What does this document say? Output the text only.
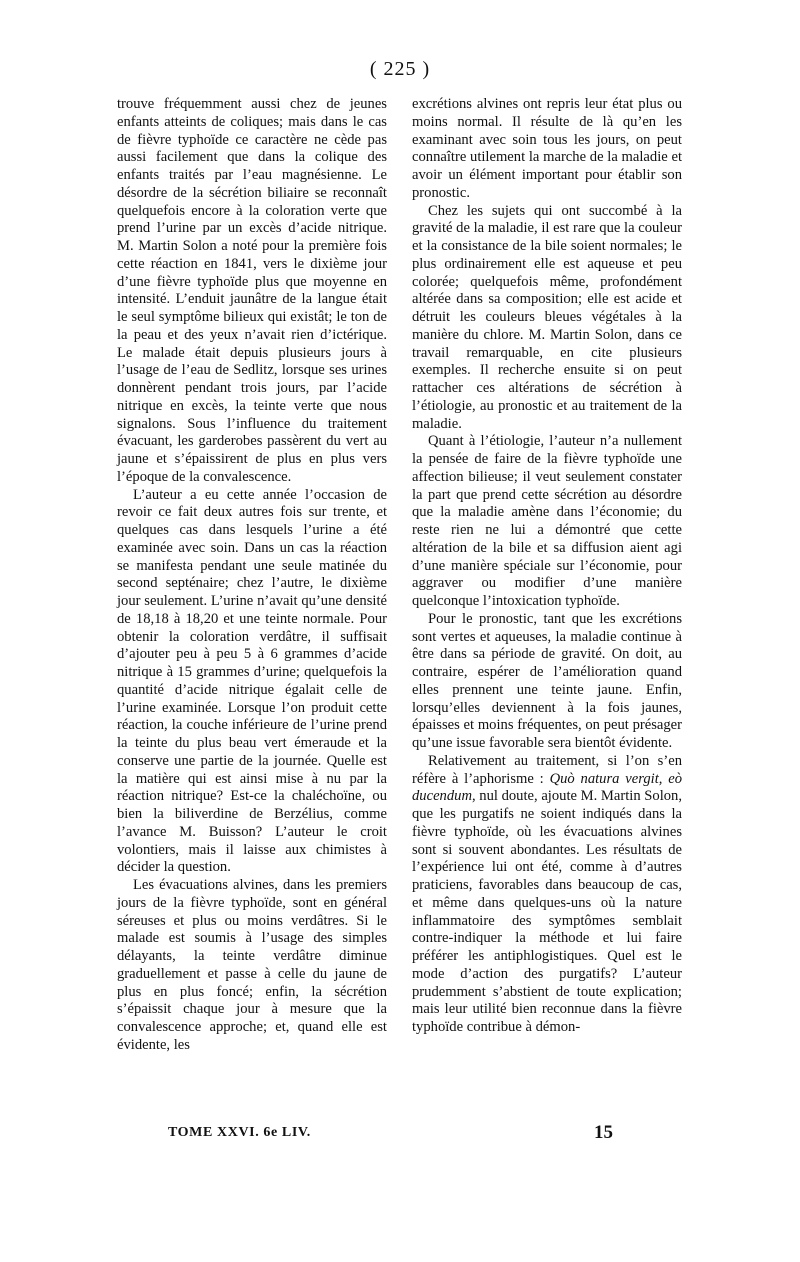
( 225 )

trouve fréquemment aussi chez de jeunes enfants atteints de coliques; mais dans le cas de fièvre typhoïde ce caractère ne cède pas aussi facilement que dans la colique des enfants traités par l’eau magnésienne. Le désordre de la sécrétion biliaire se reconnaît quelquefois encore à la coloration verte que prend l’urine par un excès d’acide nitrique. M. Martin Solon a noté pour la première fois cette réaction en 1841, vers le dixième jour d’une fièvre typhoïde plus que moyenne en intensité. L’enduit jaunâtre de la langue était le seul symptôme bilieux qui existât; le ton de la peau et des yeux n’avait rien d’ictérique. Le malade était depuis plusieurs jours à l’usage de l’eau de Sedlitz, lorsque ses urines donnèrent pendant trois jours, par l’acide nitrique en excès, la teinte verte que nous signalons. Sous l’influence du traitement évacuant, les garderobes passèrent du vert au jaune et s’épaissirent de plus en plus vers l’époque de la convalescence.

L’auteur a eu cette année l’occasion de revoir ce fait deux autres fois sur trente, et quelques cas dans lesquels l’urine a été examinée avec soin. Dans un cas la réaction se manifesta pendant une seule matinée du second septénaire; chez l’autre, le dixième jour seulement. L’urine n’avait qu’une densité de 18,18 à 18,20 et une teinte normale. Pour obtenir la coloration verdâtre, il suffisait d’ajouter peu à peu 5 à 6 grammes d’acide nitrique à 15 grammes d’urine; quelquefois la quantité d’acide nitrique égalait celle de l’urine examinée. Lorsque l’on produit cette réaction, la couche inférieure de l’urine prend la teinte du plus beau vert émeraude et la conserve une partie de la journée. Quelle est la matière qui est ainsi mise à nu par la réaction nitrique? Est-ce la chaléchoïne, ou bien la biliverdine de Berzélius, comme l’avance M. Buisson? L’auteur le croit volontiers, mais il laisse aux chimistes à décider la question.

Les évacuations alvines, dans les premiers jours de la fièvre typhoïde, sont en général séreuses et plus ou moins verdâtres. Si le malade est soumis à l’usage des simples délayants, la teinte verdâtre diminue graduellement et passe à celle du jaune de plus en plus foncé; enfin, la sécrétion s’épaissit chaque jour à mesure que la convalescence approche; et, quand elle est évidente, les

excrétions alvines ont repris leur état plus ou moins normal. Il résulte de là qu’en les examinant avec soin tous les jours, on peut connaître utilement la marche de la maladie et avoir un élément important pour établir son pronostic.

Chez les sujets qui ont succombé à la gravité de la maladie, il est rare que la couleur et la consistance de la bile soient normales; le plus ordinairement elle est aqueuse et peu colorée; quelquefois même, profondément altérée dans sa composition; elle est acide et détruit les couleurs bleues végétales à la manière du chlore. M. Martin Solon, dans ce travail remarquable, en cite plusieurs exemples. Il recherche ensuite si on peut rattacher ces altérations de sécrétion à l’étiologie, au pronostic et au traitement de la maladie.

Quant à l’étiologie, l’auteur n’a nullement la pensée de faire de la fièvre typhoïde une affection bilieuse; il veut seulement constater la part que prend cette sécrétion au désordre que la maladie amène dans l’économie; du reste rien ne lui a démontré que cette altération de la bile et sa diffusion aient agi d’une manière spéciale sur l’économie, pour aggraver ou modifier d’une manière quelconque l’intoxication typhoïde.

Pour le pronostic, tant que les excrétions sont vertes et aqueuses, la maladie continue à être dans sa période de gravité. On doit, au contraire, espérer de l’amélioration quand elles prennent une teinte jaune. Enfin, lorsqu’elles deviennent à la fois jaunes, épaisses et moins fréquentes, on peut présager qu’une issue favorable sera bientôt évidente.

Relativement au traitement, si l’on s’en réfère à l’aphorisme : Quò natura vergit, eò ducendum, nul doute, ajoute M. Martin Solon, que les purgatifs ne soient indiqués dans la fièvre typhoïde, où les évacuations alvines sont si souvent abondantes. Les résultats de l’expérience lui ont été, comme à d’autres praticiens, favorables dans beaucoup de cas, et même dans quelques-uns où la nature inflammatoire des symptômes semblait contre-indiquer la méthode et lui faire préférer les antiphlogistiques. Quel est le mode d’action des purgatifs? L’auteur prudemment s’abstient de toute explication; mais leur utilité bien reconnue dans la fièvre typhoïde contribue à démon-

TOME XXVI. 6e LIV.	15
